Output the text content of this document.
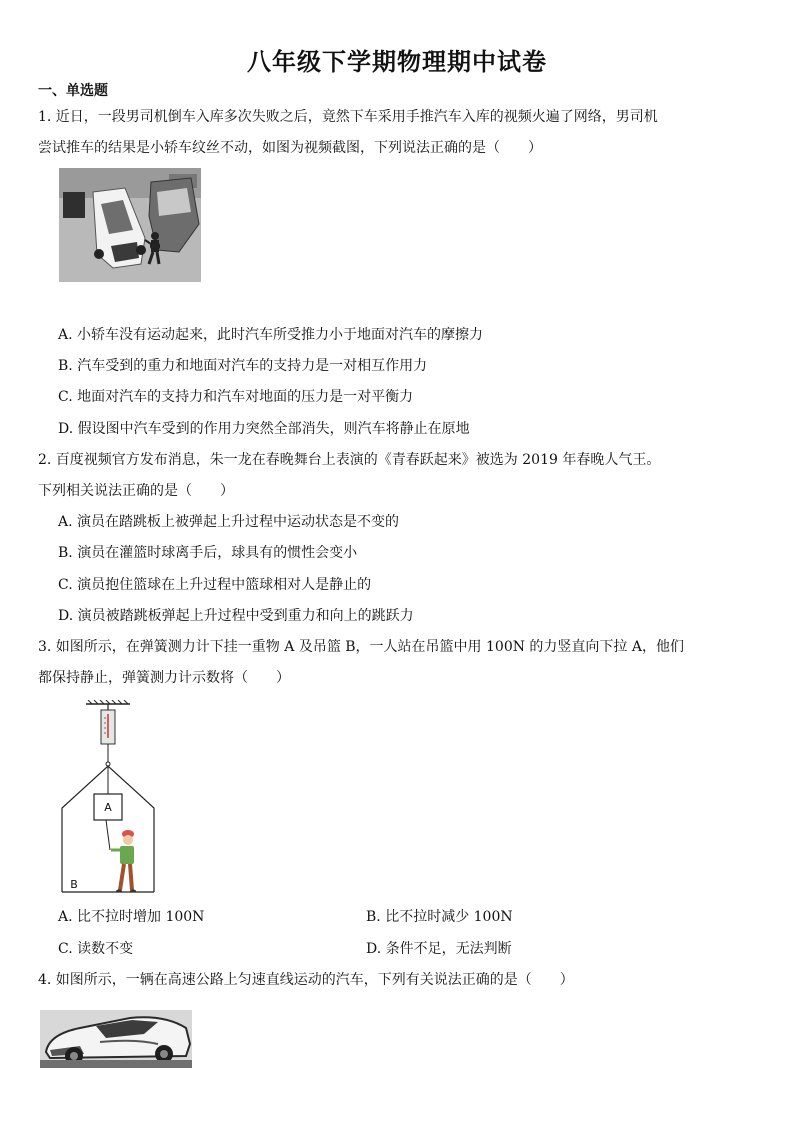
八年级下学期物理期中试卷
一、单选题
1. 近日，一段男司机倒车入库多次失败之后，竟然下车采用手推汽车入库的视频火遍了网络，男司机
尝试推车的结果是小轿车纹丝不动，如图为视频截图，下列说法正确的是（　　）
A. 小轿车没有运动起来，此时汽车所受推力小于地面对汽车的摩擦力
B. 汽车受到的重力和地面对汽车的支持力是一对相互作用力
C. 地面对汽车的支持力和汽车对地面的压力是一对平衡力
D. 假设图中汽车受到的作用力突然全部消失，则汽车将静止在原地
2. 百度视频官方发布消息，朱一龙在春晚舞台上表演的《青春跃起来》被选为 2019 年春晚人气王。
下列相关说法正确的是（　　）
A. 演员在踏跳板上被弹起上升过程中运动状态是不变的
B. 演员在灌篮时球离手后，球具有的惯性会变小
C. 演员抱住篮球在上升过程中篮球相对人是静止的
D. 演员被踏跳板弹起上升过程中受到重力和向上的跳跃力
3. 如图所示，在弹簧测力计下挂一重物 A 及吊篮 B，一人站在吊篮中用 100N 的力竖直向下拉 A，他们
都保持静止，弹簧测力计示数将（　　）
A
B
A. 比不拉时增加 100N	B. 比不拉时减少 100N
C. 读数不变	D. 条件不足，无法判断
4. 如图所示，一辆在高速公路上匀速直线运动的汽车，下列有关说法正确的是（　　）
